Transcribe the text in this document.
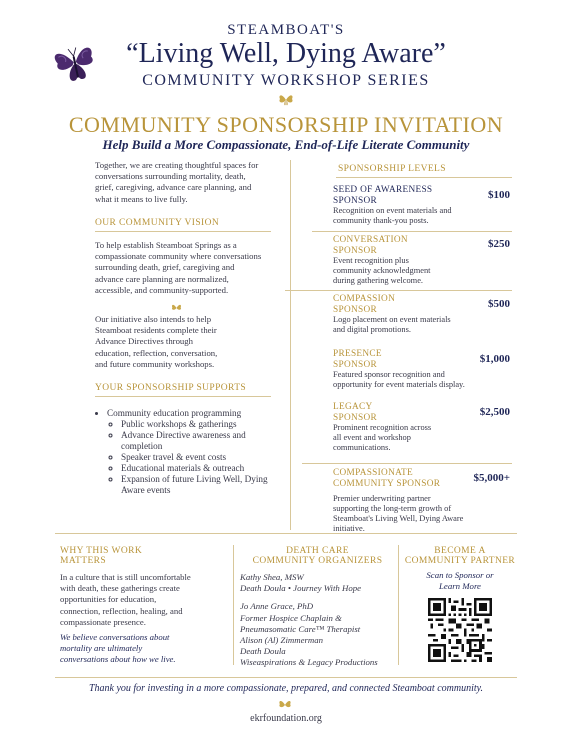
STEAMBOAT'S
“Living Well, Dying Aware”
COMMUNITY WORKSHOP SERIES
COMMUNITY SPONSORSHIP INVITATION
Help Build a More Compassionate, End-of-Life Literate Community
Together, we are creating thoughtful spaces for
conversations surrounding mortality, death,
grief, caregiving, advance care planning, and
what it means to live fully.
OUR COMMUNITY VISION
To help establish Steamboat Springs as a
compassionate community where conversations
surrounding death, grief, caregiving and
advance care planning are normalized,
accessible, and community-supported.
Our initiative also intends to help
Steamboat residents complete their
Advance Directives through
education, reflection, conversation,
and future community workshops.
YOUR SPONSORSHIP SUPPORTS
• Community education programming
◦ Public workshops & gatherings
◦ Advance Directive awareness and completion
◦ Speaker travel & event costs
◦ Educational materials & outreach
◦ Expansion of future Living Well, Dying Aware events
SPONSORSHIP LEVELS
SEED OF AWARENESS
SPONSOR
Recognition on event materials and
community thank-you posts.
$100
CONVERSATION
SPONSOR
Event recognition plus
community acknowledgment
during gathering welcome.
$250
COMPASSION
SPONSOR
Logo placement on event materials
and digital promotions.
$500
PRESENCE
SPONSOR
Featured sponsor recognition and
opportunity for event materials display.
$1,000
LEGACY
SPONSOR
Prominent recognition across
all event and workshop
communications.
$2,500
COMPASSIONATE
COMMUNITY SPONSOR
Premier underwriting partner
supporting the long-term growth of
Steamboat's Living Well, Dying Aware
initiative.
$5,000+
WHY THIS WORK
MATTERS
In a culture that is still uncomfortable
with death, these gatherings create
opportunities for education,
connection, reflection, healing, and
compassionate presence.
We believe conversations about
mortality are ultimately
conversations about how we live.
DEATH CARE
COMMUNITY ORGANIZERS
Kathy Shea, MSW
Death Doula • Journey With Hope
Jo Anne Grace, PhD
Former Hospice Chaplain &
Pneumasomatic Care™ Therapist
Alison (Al) Zimmerman
Death Doula
Wiseaspirations & Legacy Productions
BECOME A
COMMUNITY PARTNER
Scan to Sponsor or
Learn More
Thank you for investing in a more compassionate, prepared, and connected Steamboat community.
ekrfoundation.org
